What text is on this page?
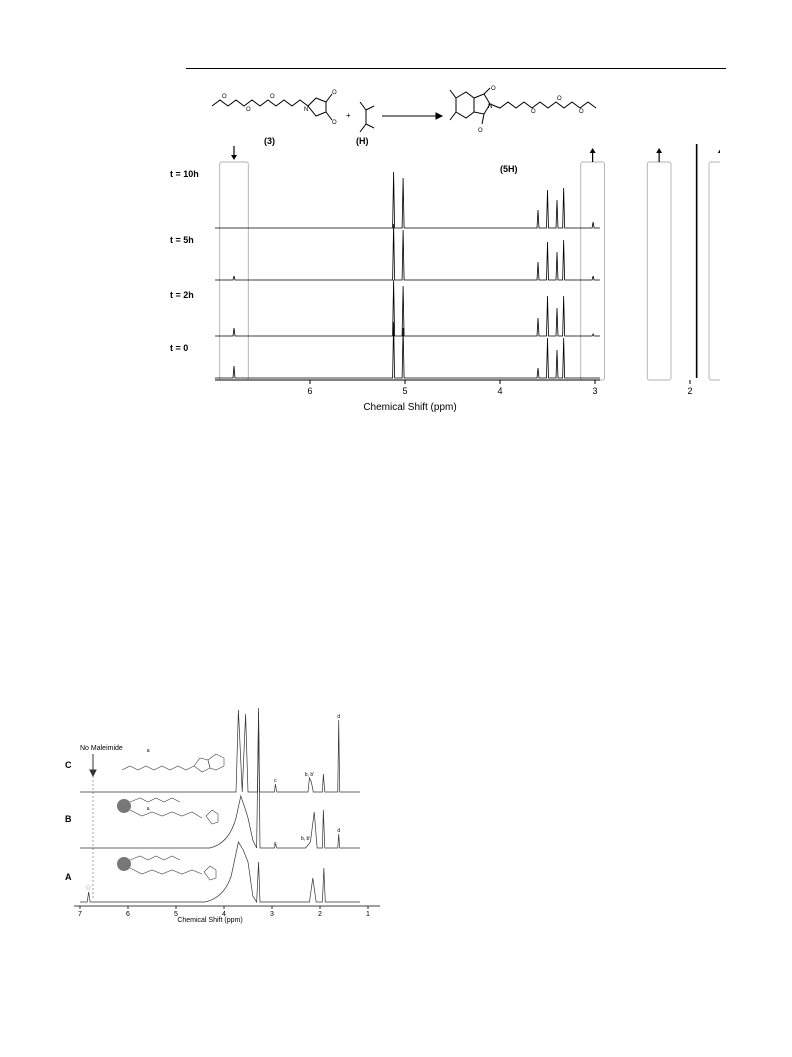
O
O
O
N
O
O
(3)
+
(H)
O
O
N
O
O
O
(5H)
t = 10h
t = 5h
t = 2h
t = 0
6	5	4	3	2
Chemical Shift (ppm)
No Maleimide
C
B
A
a
b, b'
c
d
a
b, b'
c
d
☆
7	6	5	4	3	2	1
Chemical Shift (ppm)
